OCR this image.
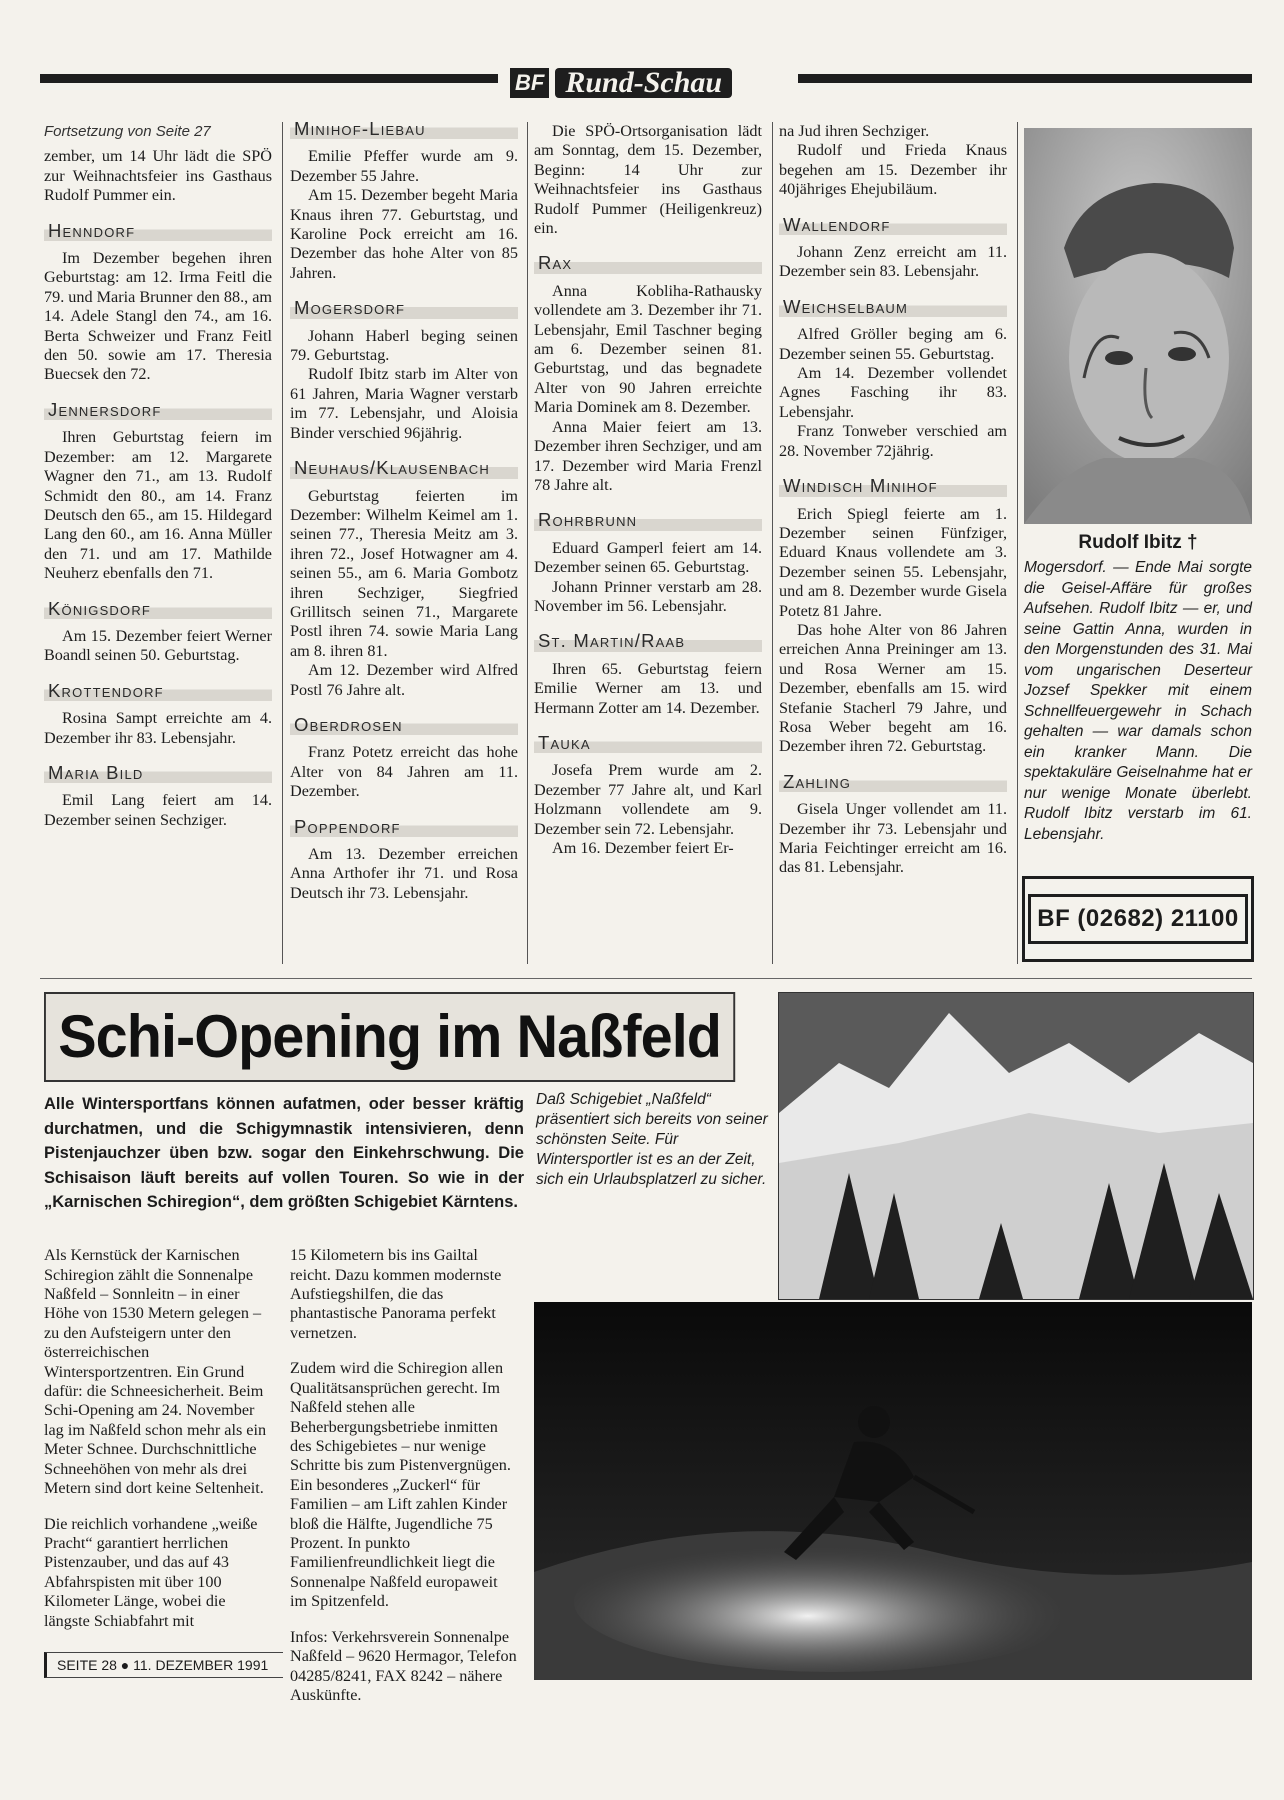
BF Rund-Schau
Fortsetzung von Seite 27

zember, um 14 Uhr lädt die SPÖ zur Weihnachtsfeier ins Gasthaus Rudolf Pummer ein.

Henndorf

Im Dezember begehen ihren Geburtstag: am 12. Irma Feitl die 79. und Maria Brunner den 88., am 14. Adele Stangl den 74., am 16. Berta Schweizer und Franz Feitl den 50. sowie am 17. Theresia Buecsek den 72.

Jennersdorf

Ihren Geburtstag feiern im Dezember: am 12. Margarete Wagner den 71., am 13. Rudolf Schmidt den 80., am 14. Franz Deutsch den 65., am 15. Hildegard Lang den 60., am 16. Anna Müller den 71. und am 17. Mathilde Neuherz ebenfalls den 71.

Königsdorf

Am 15. Dezember feiert Werner Boandl seinen 50. Geburtstag.

Krottendorf

Rosina Sampt erreichte am 4. Dezember ihr 83. Lebensjahr.

Maria Bild

Emil Lang feiert am 14. Dezember seinen Sechziger.

Minihof-Liebau

Emilie Pfeffer wurde am 9. Dezember 55 Jahre.

Am 15. Dezember begeht Maria Knaus ihren 77. Geburtstag, und Karoline Pock erreicht am 16. Dezember das hohe Alter von 85 Jahren.

Mogersdorf

Johann Haberl beging seinen 79. Geburtstag.

Rudolf Ibitz starb im Alter von 61 Jahren, Maria Wagner verstarb im 77. Lebensjahr, und Aloisia Binder verschied 96jährig.

Neuhaus/Klausenbach

Geburtstag feierten im Dezember: Wilhelm Keimel am 1. seinen 77., Theresia Meitz am 3. ihren 72., Josef Hotwagner am 4. seinen 55., am 6. Maria Gombotz ihren Sechziger, Siegfried Grillitsch seinen 71., Margarete Postl ihren 74. sowie Maria Lang am 8. ihren 81.

Am 12. Dezember wird Alfred Postl 76 Jahre alt.

Oberdrosen

Franz Potetz erreicht das hohe Alter von 84 Jahren am 11. Dezember.

Poppendorf

Am 13. Dezember erreichen Anna Arthofer ihr 71. und Rosa Deutsch ihr 73. Lebensjahr.

Die SPÖ-Ortsorganisation lädt am Sonntag, dem 15. Dezember, Beginn: 14 Uhr zur Weihnachtsfeier ins Gasthaus Rudolf Pummer (Heiligenkreuz) ein.

Rax

Anna Kobliha-Rathausky vollendete am 3. Dezember ihr 71. Lebensjahr, Emil Taschner beging am 6. Dezember seinen 81. Geburtstag, und das begnadete Alter von 90 Jahren erreichte Maria Dominek am 8. Dezember.

Anna Maier feiert am 13. Dezember ihren Sechziger, und am 17. Dezember wird Maria Frenzl 78 Jahre alt.

Rohrbrunn

Eduard Gamperl feiert am 14. Dezember seinen 65. Geburtstag.

Johann Prinner verstarb am 28. November im 56. Lebensjahr.

St. Martin/Raab

Ihren 65. Geburtstag feiern Emilie Werner am 13. und Hermann Zotter am 14. Dezember.

Tauka

Josefa Prem wurde am 2. Dezember 77 Jahre alt, und Karl Holzmann vollendete am 9. Dezember sein 72. Lebensjahr.

Am 16. Dezember feiert Er-

na Jud ihren Sechziger.

Rudolf und Frieda Knaus begehen am 15. Dezember ihr 40jähriges Ehejubiläum.

Wallendorf

Johann Zenz erreicht am 11. Dezember sein 83. Lebensjahr.

Weichselbaum

Alfred Gröller beging am 6. Dezember seinen 55. Geburtstag.

Am 14. Dezember vollendet Agnes Fasching ihr 83. Lebensjahr.

Franz Tonweber verschied am 28. November 72jährig.

Windisch Minihof

Erich Spiegl feierte am 1. Dezember seinen Fünfziger, Eduard Knaus vollendete am 3. Dezember seinen 55. Lebensjahr, und am 8. Dezember wurde Gisela Potetz 81 Jahre.

Das hohe Alter von 86 Jahren erreichen Anna Preininger am 13. und Rosa Werner am 15. Dezember, ebenfalls am 15. wird Stefanie Stacherl 79 Jahre, und Rosa Weber begeht am 16. Dezember ihren 72. Geburtstag.

Zahling

Gisela Unger vollendet am 11. Dezember ihr 73. Lebensjahr und Maria Feichtinger erreicht am 16. das 81. Lebensjahr.

Rudolf Ibitz †
Mogersdorf. — Ende Mai sorgte die Geisel-Affäre für großes Aufsehen. Rudolf Ibitz — er, und seine Gattin Anna, wurden in den Morgenstunden des 31. Mai vom ungarischen Deserteur Jozsef Spekker mit einem Schnellfeuergewehr in Schach gehalten — war damals schon ein kranker Mann. Die spektakuläre Geiselnahme hat er nur wenige Monate überlebt. Rudolf Ibitz verstarb im 61. Lebensjahr.
BF (02682) 21100
Schi-Opening im Naßfeld
Alle Wintersportfans können aufatmen, oder besser kräftig durchatmen, und die Schigymnastik intensivieren, denn Pistenjauchzer üben bzw. sogar den Einkehrschwung. Die Schisaison läuft bereits auf vollen Touren. So wie in der „Karnischen Schiregion“, dem größten Schigebiet Kärntens.
Daß Schigebiet „Naßfeld“ präsentiert sich bereits von seiner schönsten Seite. Für Wintersportler ist es an der Zeit, sich ein Urlaubsplatzerl zu sicher.

Als Kernstück der Karnischen Schiregion zählt die Sonnenalpe Naßfeld – Sonnleitn – in einer Höhe von 1530 Metern gelegen – zu den Aufsteigern unter den österreichischen Wintersportzentren. Ein Grund dafür: die Schneesicherheit. Beim Schi-Opening am 24. November lag im Naßfeld schon mehr als ein Meter Schnee. Durchschnittliche Schneehöhen von mehr als drei Metern sind dort keine Seltenheit.

Die reichlich vorhandene „weiße Pracht“ garantiert herrlichen Pistenzauber, und das auf 43 Abfahrspisten mit über 100 Kilometer Länge, wobei die längste Schiabfahrt mit

15 Kilometern bis ins Gailtal reicht. Dazu kommen modernste Aufstiegshilfen, die das phantastische Panorama perfekt vernetzen.

Zudem wird die Schiregion allen Qualitätsansprüchen gerecht. Im Naßfeld stehen alle Beherbergungsbetriebe inmitten des Schigebietes – nur wenige Schritte bis zum Pistenvergnügen. Ein besonderes „Zuckerl“ für Familien – am Lift zahlen Kinder bloß die Hälfte, Jugendliche 75 Prozent. In punkto Familienfreundlichkeit liegt die Sonnenalpe Naßfeld europaweit im Spitzenfeld.

Infos: Verkehrsverein Sonnenalpe Naßfeld – 9620 Hermagor, Telefon 04285/8241, FAX 8242 – nähere Auskünfte.

SEITE 28 ● 11. DEZEMBER 1991
